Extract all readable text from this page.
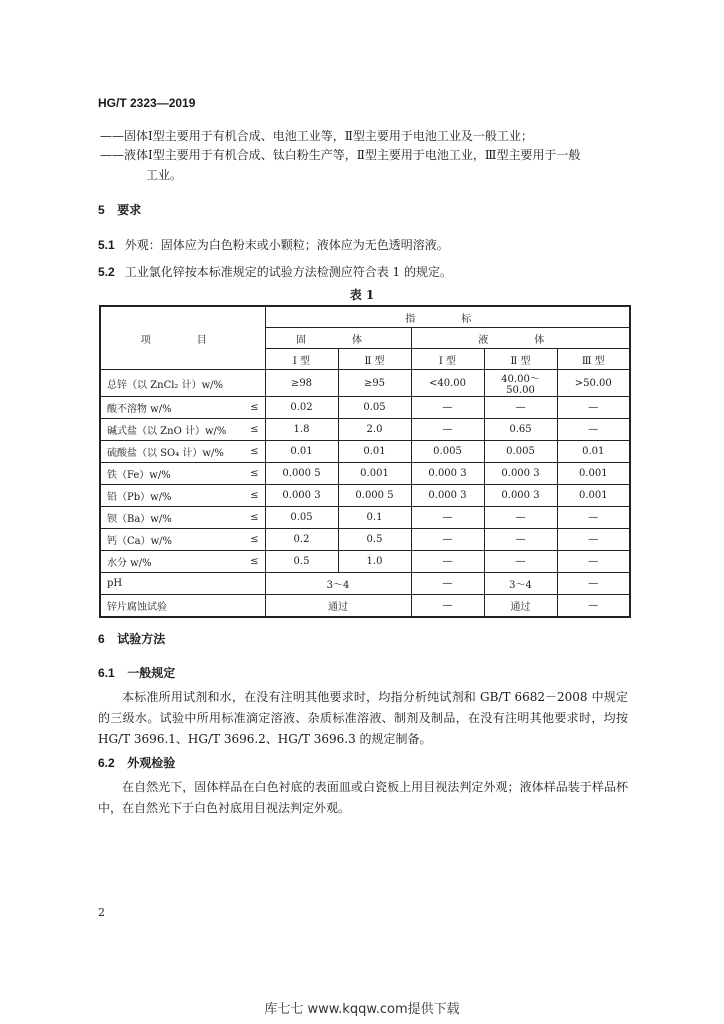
HG/T 2323—2019
——固体Ⅰ型主要用于有机合成、电池工业等，Ⅱ型主要用于电池工业及一般工业；
——液体Ⅰ型主要用于有机合成、钛白粉生产等，Ⅱ型主要用于电池工业，Ⅲ型主要用于一般
工业。
5 要求
5.1 外观：固体应为白色粉末或小颗粒；液体应为无色透明溶液。
5.2 工业氯化锌按本标准规定的试验方法检测应符合表 1 的规定。
表 1
项　目		指　标				
		固　体		液　体		
		Ⅰ 型	Ⅱ 型	Ⅰ 型	Ⅱ 型	Ⅲ 型
总锌（以 ZnCl₂ 计）w/%		≥98	≥95	<40.00	40.00～50.00	>50.00
酸不溶物 w/%	≤	0.02	0.05	—	—	—
碱式盐（以 ZnO 计）w/%	≤	1.8	2.0	—	0.65	—
硫酸盐（以 SO₄ 计）w/%	≤	0.01	0.01	0.005	0.005	0.01
铁（Fe）w/%	≤	0.000 5	0.001	0.000 3	0.000 3	0.001
铅（Pb）w/%	≤	0.000 3	0.000 5	0.000 3	0.000 3	0.001
钡（Ba）w/%	≤	0.05	0.1	—	—	—
钙（Ca）w/%	≤	0.2	0.5	—	—	—
水分 w/%	≤	0.5	1.0	—	—	—
pH		3～4		—	3～4	—
锌片腐蚀试验		通过		—	通过	—
6 试验方法
6.1 一般规定
本标准所用试剂和水，在没有注明其他要求时，均指分析纯试剂和 GB/T 6682－2008 中规定的三级水。试验中所用标准滴定溶液、杂质标准溶液、制剂及制品，在没有注明其他要求时，均按 HG/T 3696.1、HG/T 3696.2、HG/T 3696.3 的规定制备。
6.2 外观检验
在自然光下，固体样品在白色衬底的表面皿或白瓷板上用目视法判定外观；液体样品装于样品杯中，在自然光下于白色衬底用目视法判定外观。
2
库七七 www.kqqw.com提供下载
